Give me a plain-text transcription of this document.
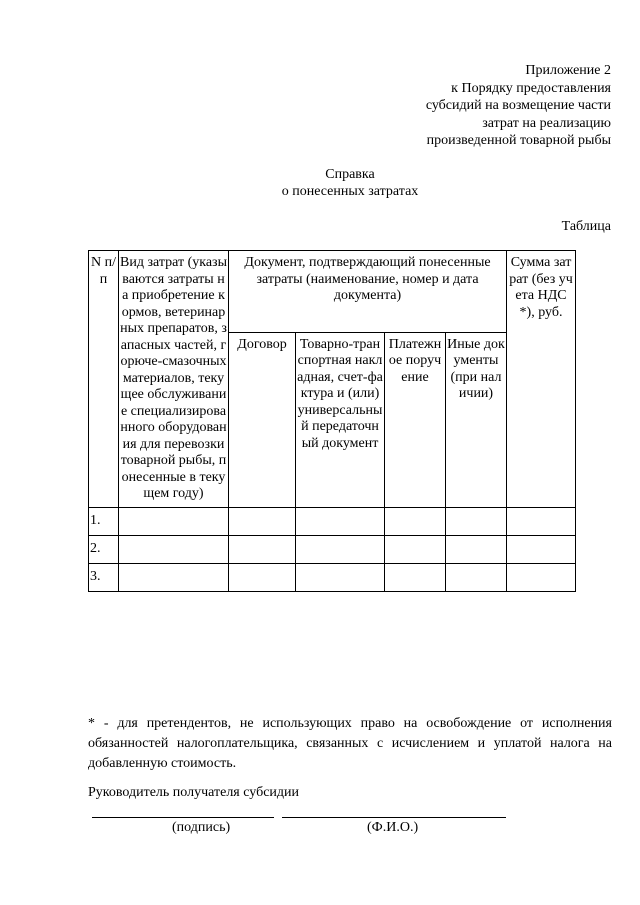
Приложение 2
к Порядку предоставления
субсидий на возмещение части
затрат на реализацию
произведенной товарной рыбы
Справка
о понесенных затратах
Таблица
N п/п	Вид затрат (указываются затраты на приобретение кормов, ветеринарных препаратов, запасных частей, горюче-смазочных материалов, текущее обслуживание специализированного оборудования для перевозки товарной рыбы, понесенные в текущем году)	Документ, подтверждающий понесенные затраты (наименование, номер и дата документа)				Сумма затрат (без учета НДС *), руб.
		Договор	Товарно-транспортная накладная, счет-фактура и (или) универсальный передаточный документ	Платежное поручение	Иные документы (при наличии)	
1.						
2.						
3.						
* - для претендентов, не использующих право на освобождение от исполнения обязанностей налогоплательщика, связанных с исчислением и уплатой налога на добавленную стоимость.
Руководитель получателя субсидии
(подпись)	(Ф.И.О.)
